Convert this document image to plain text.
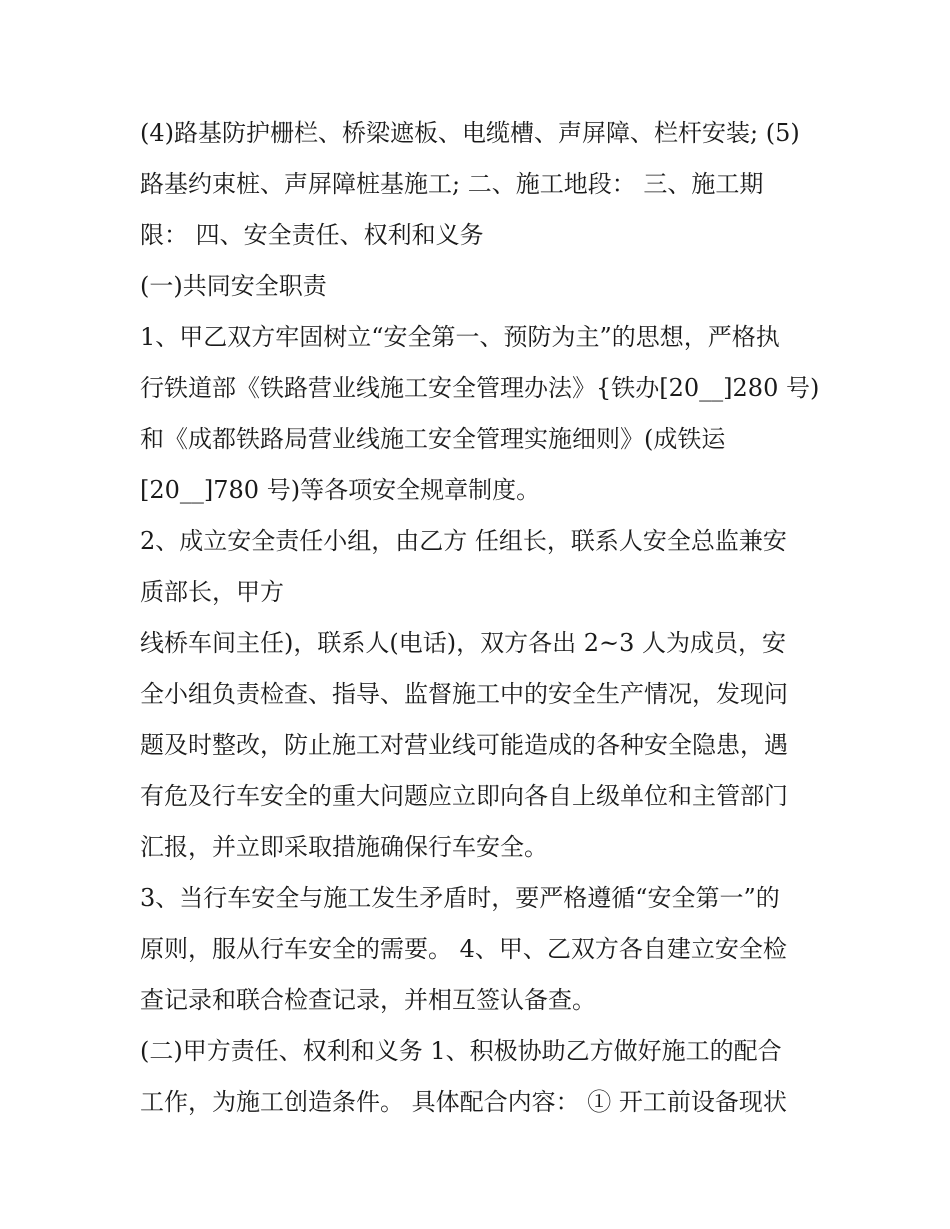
(4)路基防护栅栏、桥梁遮板、电缆槽、声屏障、栏杆安装; (5)
路基约束桩、声屏障桩基施工; 二、施工地段： 三、施工期
限： 四、安全责任、权利和义务
(一)共同安全职责
1、甲乙双方牢固树立“安全第一、预防为主”的思想，严格执
行铁道部《铁路营业线施工安全管理办法》{铁办[20__]280 号)
和《成都铁路局营业线施工安全管理实施细则》(成铁运
[20__]780 号)等各项安全规章制度。
2、成立安全责任小组，由乙方 任组长，联系人安全总监兼安
质部长，甲方
线桥车间主任)，联系人(电话)，双方各出 2~3 人为成员，安
全小组负责检查、指导、监督施工中的安全生产情况，发现问
题及时整改，防止施工对营业线可能造成的各种安全隐患，遇
有危及行车安全的重大问题应立即向各自上级单位和主管部门
汇报，并立即采取措施确保行车安全。
3、当行车安全与施工发生矛盾时，要严格遵循“安全第一”的
原则，服从行车安全的需要。 4、甲、乙双方各自建立安全检
查记录和联合检查记录，并相互签认备查。
(二)甲方责任、权利和义务 1、积极协助乙方做好施工的配合
工作，为施工创造条件。 具体配合内容： ① 开工前设备现状
